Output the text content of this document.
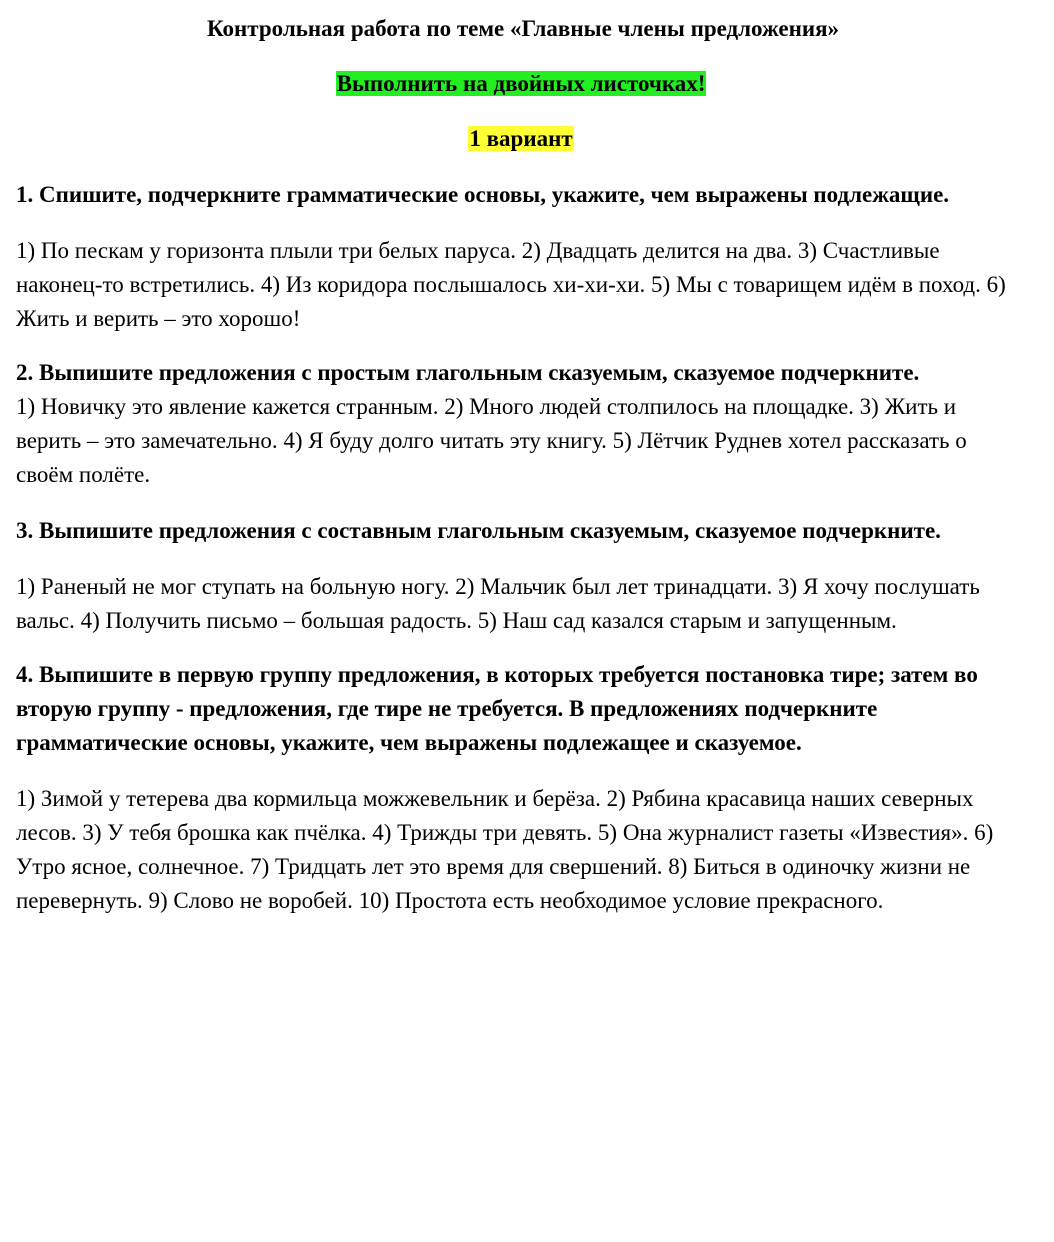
Контрольная работа по теме «Главные члены предложения»

Выполнить на двойных листочках!

1 вариант

1. Спишите, подчеркните грамматические основы, укажите, чем выражены подлежащие.

1) По пескам у горизонта плыли три белых паруса. 2) Двадцать делится на два. 3) Счастливые наконец-то встретились. 4) Из коридора послышалось хи-хи-хи. 5) Мы с товарищем идём в поход. 6) Жить и верить – это хорошо!

2. Выпишите предложения с простым глагольным сказуемым, сказуемое подчеркните.

1) Новичку это явление кажется странным. 2) Много людей столпилось на площадке. 3) Жить и верить – это замечательно. 4) Я буду долго читать эту книгу. 5) Лётчик Руднев хотел рассказать о своём полёте.

3. Выпишите предложения с составным глагольным сказуемым, сказуемое подчеркните.

1) Раненый не мог ступать на больную ногу. 2) Мальчик был лет тринадцати. 3) Я хочу послушать вальс. 4) Получить письмо – большая радость. 5) Наш сад казался старым и запущенным.

4. Выпишите в первую группу предложения, в которых требуется постановка тире; затем во вторую группу - предложения, где тире не требуется. В предложениях подчеркните грамматические основы, укажите, чем выражены подлежащее и сказуемое.

1) Зимой у тетерева два кормильца можжевельник и берёза. 2) Рябина красавица наших северных лесов. 3) У тебя брошка как пчёлка. 4) Трижды три девять. 5) Она журналист газеты «Известия». 6) Утро ясное, солнечное. 7) Тридцать лет это время для свершений. 8) Биться в одиночку жизни не перевернуть. 9) Слово не воробей. 10) Простота есть необходимое условие прекрасного.
